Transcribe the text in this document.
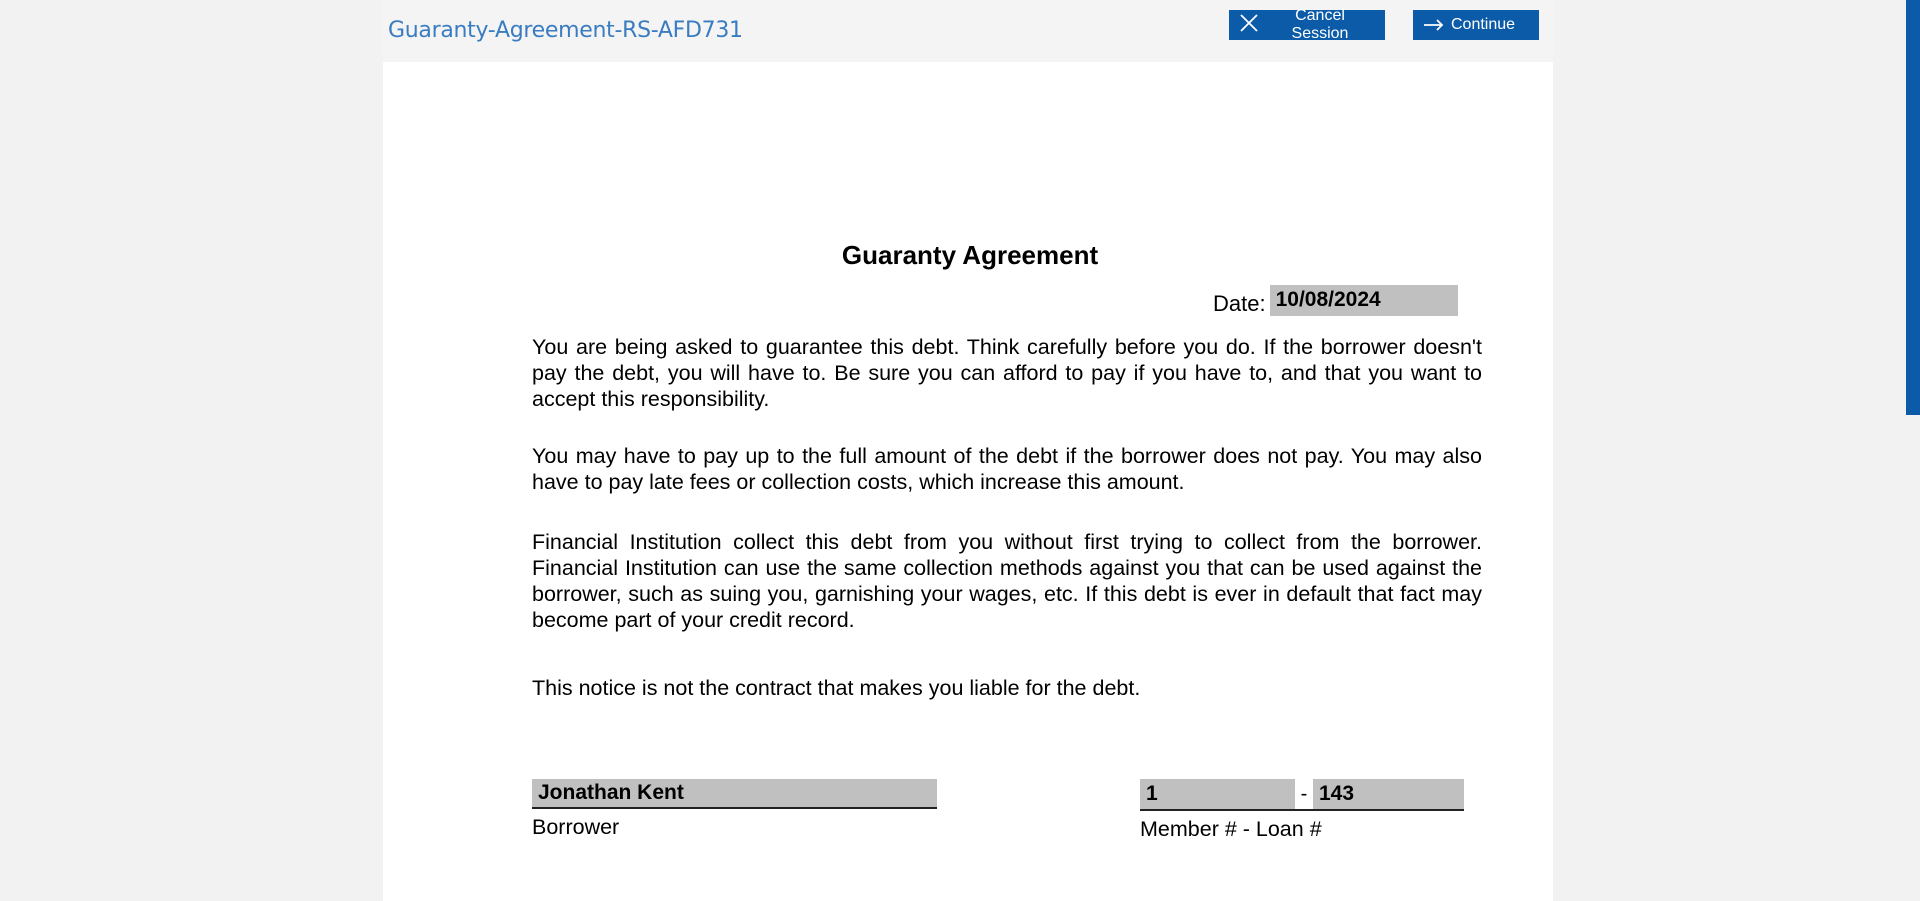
Guaranty-Agreement-RS-AFD731
Cancel Session
Continue
Guaranty Agreement
Date: 10/08/2024

You are being asked to guarantee this debt. Think carefully before you do. If the borrower doesn't pay the debt, you will have to. Be sure you can afford to pay if you have to, and that you want to accept this responsibility.

You may have to pay up to the full amount of the debt if the borrower does not pay. You may also have to pay late fees or collection costs, which increase this amount.

Financial Institution collect this debt from you without first trying to collect from the borrower. Financial Institution can use the same collection methods against you that can be used against the borrower, such as suing you, garnishing your wages, etc. If this debt is ever in default that fact may become part of your credit record.

This notice is not the contract that makes you liable for the debt.

Jonathan Kent
Borrower
1	- 143
Member # - Loan #
